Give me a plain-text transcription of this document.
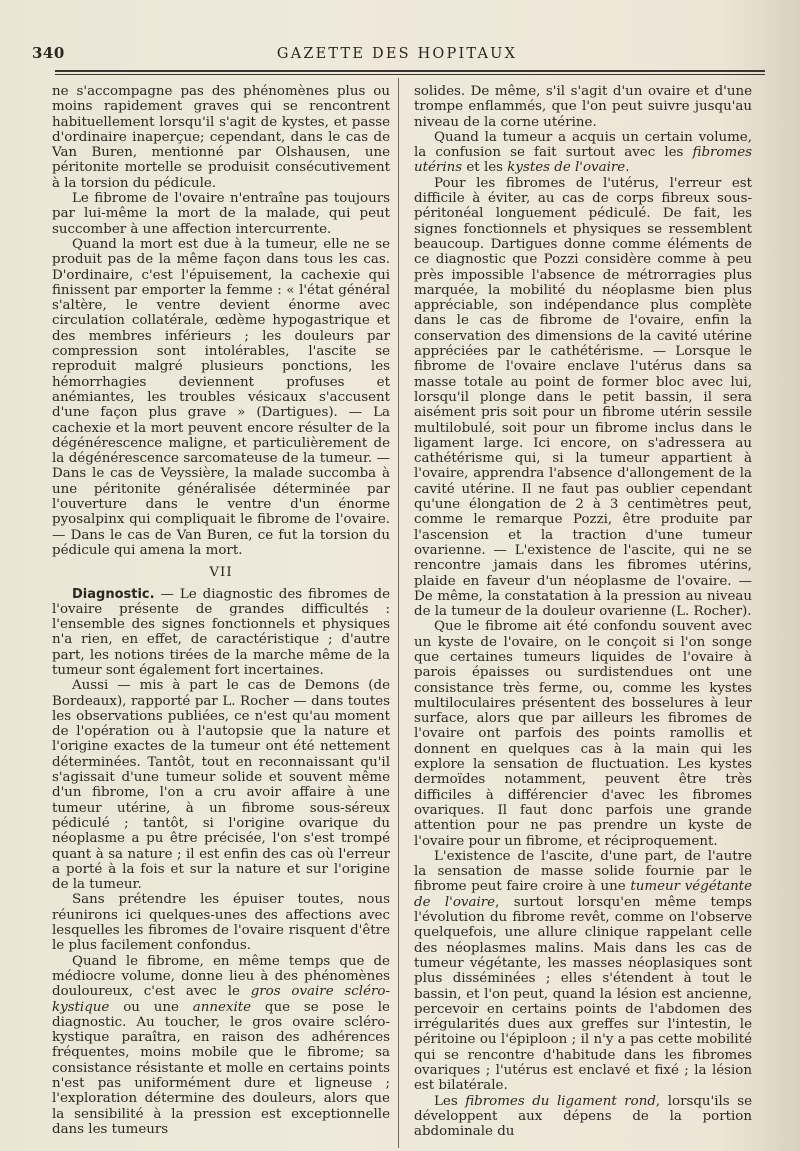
340	GAZETTE DES HOPITAUX

ne s'accompagne pas des phénomènes plus ou moins rapidement graves qui se rencontrent habituellement lorsqu'il s'agit de kystes, et passe d'ordinaire inaperçue; cependant, dans le cas de Van Buren, mentionné par Olshausen, une péritonite mortelle se produisit consécutivement à la torsion du pédicule.

Le fibrome de l'ovaire n'entraîne pas toujours par lui-même la mort de la malade, qui peut succomber à une affection intercurrente.

Quand la mort est due à la tumeur, elle ne se produit pas de la même façon dans tous les cas. D'ordinaire, c'est l'épuisement, la cachexie qui finissent par emporter la femme : « l'état général s'altère, le ventre devient énorme avec circulation collatérale, œdème hypogastrique et des membres inférieurs ; les douleurs par compression sont intolérables, l'ascite se reproduit malgré plusieurs ponctions, les hémorrhagies deviennent profuses et anémiantes, les troubles vésicaux s'accusent d'une façon plus grave » (Dartigues). — La cachexie et la mort peuvent encore résulter de la dégénérescence maligne, et particulièrement de la dégénérescence sarcomateuse de la tumeur. — Dans le cas de Veyssière, la malade succomba à une péritonite généralisée déterminée par l'ouverture dans le ventre d'un énorme pyosalpinx qui compliquait le fibrome de l'ovaire. — Dans le cas de Van Buren, ce fut la torsion du pédicule qui amena la mort.

VII

Diagnostic. — Le diagnostic des fibromes de l'ovaire présente de grandes difficultés : l'ensemble des signes fonctionnels et physiques n'a rien, en effet, de caractéristique ; d'autre part, les notions tirées de la marche même de la tumeur sont également fort incertaines.

Aussi — mis à part le cas de Demons (de Bordeaux), rapporté par L. Rocher — dans toutes les observations publiées, ce n'est qu'au moment de l'opération ou à l'autopsie que la nature et l'origine exactes de la tumeur ont été nettement déterminées. Tantôt, tout en reconnaissant qu'il s'agissait d'une tumeur solide et souvent même d'un fibrome, l'on a cru avoir affaire à une tumeur utérine, à un fibrome sous-séreux pédiculé ; tantôt, si l'origine ovarique du néoplasme a pu être précisée, l'on s'est trompé quant à sa nature ; il est enfin des cas où l'erreur a porté à la fois et sur la nature et sur l'origine de la tumeur.

Sans prétendre les épuiser toutes, nous réunirons ici quelques-unes des affections avec lesquelles les fibromes de l'ovaire risquent d'être le plus facilement confondus.

Quand le fibrome, en même temps que de médiocre volume, donne lieu à des phénomènes douloureux, c'est avec le gros ovaire scléro-kystique ou une annexite que se pose le diagnostic. Au toucher, le gros ovaire scléro-kystique paraîtra, en raison des adhérences fréquentes, moins mobile que le fibrome; sa consistance résistante et molle en certains points n'est pas uniformément dure et ligneuse ; l'exploration détermine des douleurs, alors que la sensibilité à la pression est exceptionnelle dans les tumeurs

solides. De même, s'il s'agit d'un ovaire et d'une trompe enflammés, que l'on peut suivre jusqu'au niveau de la corne utérine.

Quand la tumeur a acquis un certain volume, la confusion se fait surtout avec les fibromes utérins et les kystes de l'ovaire.

Pour les fibromes de l'utérus, l'erreur est difficile à éviter, au cas de corps fibreux sous-péritonéal longuement pédiculé. De fait, les signes fonctionnels et physiques se ressemblent beaucoup. Dartigues donne comme éléments de ce diagnostic que Pozzi considère comme à peu près impossible l'absence de métrorragies plus marquée, la mobilité du néoplasme bien plus appréciable, son indépendance plus complète dans le cas de fibrome de l'ovaire, enfin la conservation des dimensions de la cavité utérine appréciées par le cathétérisme. — Lorsque le fibrome de l'ovaire enclave l'utérus dans sa masse totale au point de former bloc avec lui, lorsqu'il plonge dans le petit bassin, il sera aisément pris soit pour un fibrome utérin sessile multilobulé, soit pour un fibrome inclus dans le ligament large. Ici encore, on s'adressera au cathétérisme qui, si la tumeur appartient à l'ovaire, apprendra l'absence d'allongement de la cavité utérine. Il ne faut pas oublier cependant qu'une élongation de 2 à 3 centimètres peut, comme le remarque Pozzi, être produite par l'ascension et la traction d'une tumeur ovarienne. — L'existence de l'ascite, qui ne se rencontre jamais dans les fibromes utérins, plaide en faveur d'un néoplasme de l'ovaire. — De même, la constatation à la pression au niveau de la tumeur de la douleur ovarienne (L. Rocher).

Que le fibrome ait été confondu souvent avec un kyste de l'ovaire, on le conçoit si l'on songe que certaines tumeurs liquides de l'ovaire à parois épaisses ou surdistendues ont une consistance très ferme, ou, comme les kystes multiloculaires présentent des bosselures à leur surface, alors que par ailleurs les fibromes de l'ovaire ont parfois des points ramollis et donnent en quelques cas à la main qui les explore la sensation de fluctuation. Les kystes dermoïdes notamment, peuvent être très difficiles à différencier d'avec les fibromes ovariques. Il faut donc parfois une grande attention pour ne pas prendre un kyste de l'ovaire pour un fibrome, et réciproquement.

L'existence de l'ascite, d'une part, de l'autre la sensation de masse solide fournie par le fibrome peut faire croire à une tumeur végétante de l'ovaire, surtout lorsqu'en même temps l'évolution du fibrome revêt, comme on l'observe quelquefois, une allure clinique rappelant celle des néoplasmes malins. Mais dans les cas de tumeur végétante, les masses néoplasiques sont plus disséminées ; elles s'étendent à tout le bassin, et l'on peut, quand la lésion est ancienne, percevoir en certains points de l'abdomen des irrégularités dues aux greffes sur l'intestin, le péritoine ou l'épiploon ; il n'y a pas cette mobilité qui se rencontre d'habitude dans les fibromes ovariques ; l'utérus est enclavé et fixé ; la lésion est bilatérale.

Les fibromes du ligament rond, lorsqu'ils se développent aux dépens de la portion abdominale du
